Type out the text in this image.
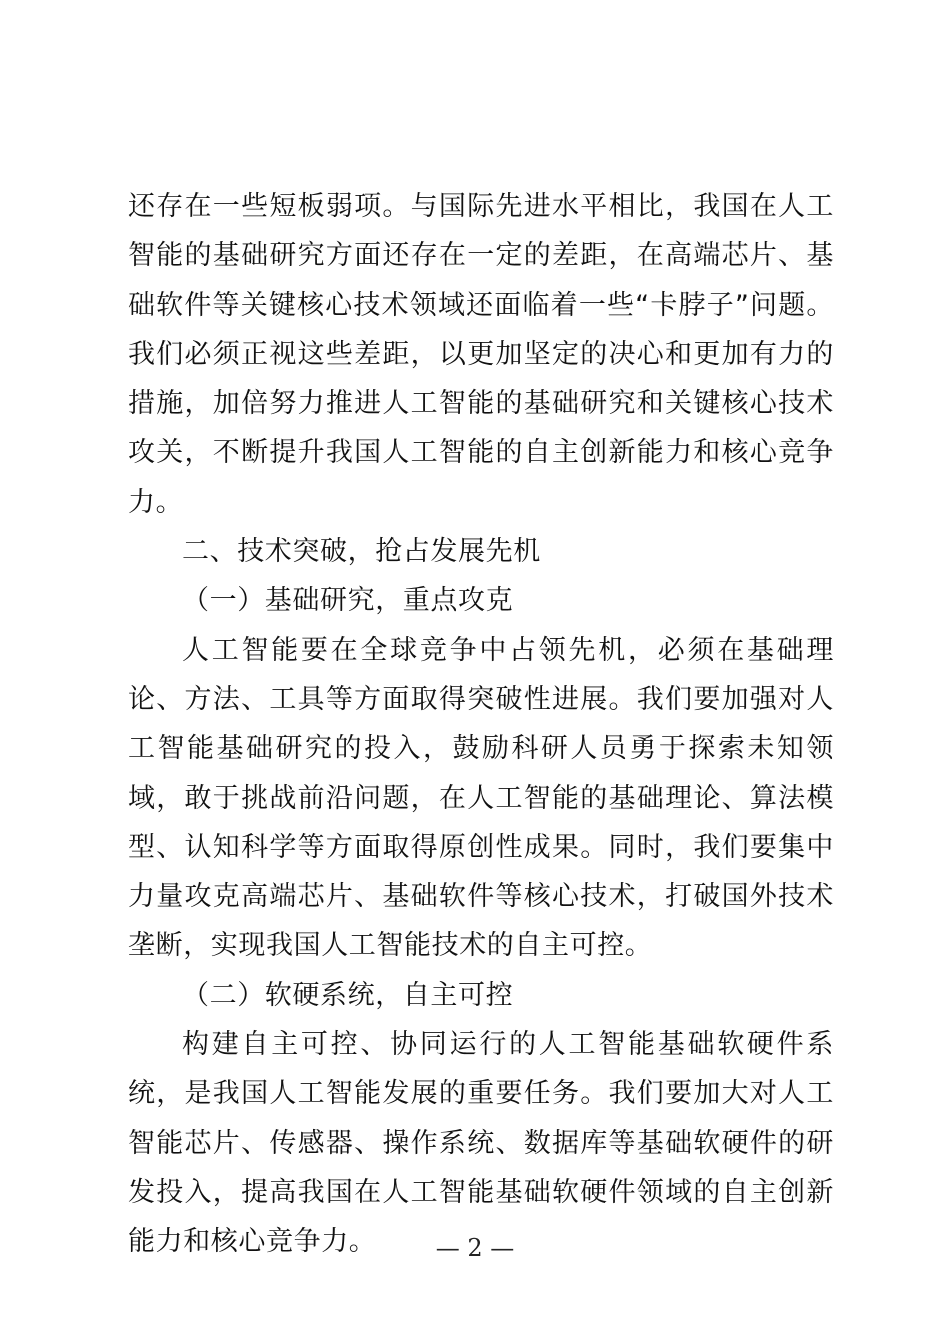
还存在一些短板弱项。与国际先进水平相比，我国在人工智能的基础研究方面还存在一定的差距，在高端芯片、基础软件等关键核心技术领域还面临着一些“卡脖子”问题。我们必须正视这些差距，以更加坚定的决心和更加有力的措施，加倍努力推进人工智能的基础研究和关键核心技术攻关，不断提升我国人工智能的自主创新能力和核心竞争力。

二、技术突破，抢占发展先机

（一）基础研究，重点攻克

人工智能要在全球竞争中占领先机，必须在基础理论、方法、工具等方面取得突破性进展。我们要加强对人工智能基础研究的投入，鼓励科研人员勇于探索未知领域，敢于挑战前沿问题，在人工智能的基础理论、算法模型、认知科学等方面取得原创性成果。同时，我们要集中力量攻克高端芯片、基础软件等核心技术，打破国外技术垄断，实现我国人工智能技术的自主可控。

（二）软硬系统，自主可控

构建自主可控、协同运行的人工智能基础软硬件系统，是我国人工智能发展的重要任务。我们要加大对人工智能芯片、传感器、操作系统、数据库等基础软硬件的研发投入，提高我国在人工智能基础软硬件领域的自主创新能力和核心竞争力。	— 2 —
